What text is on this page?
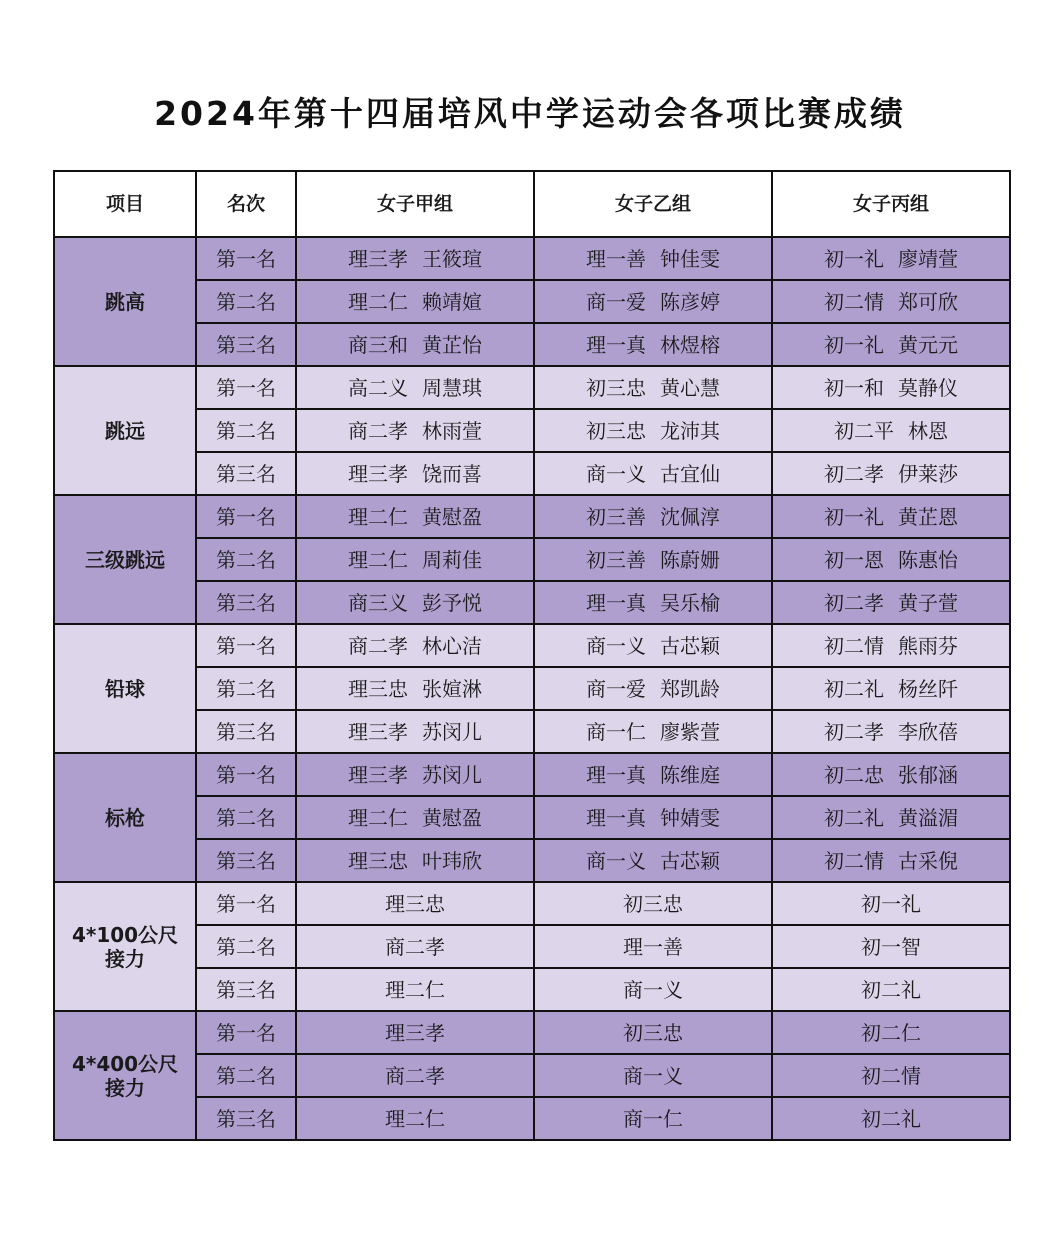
2024年第十四届培风中学运动会各项比赛成绩
项目	名次	女子甲组	女子乙组	女子丙组
跳高	第一名	理三孝 王筱瑄	理一善 钟佳雯	初一礼 廖靖萱
	第二名	理二仁 赖靖媗	商一爱 陈彦婷	初二情 郑可欣
	第三名	商三和 黄芷怡	理一真 林煜榕	初一礼 黄元元
跳远	第一名	高二义 周慧琪	初三忠 黄心慧	初一和 莫静仪
	第二名	商二孝 林雨萱	初三忠 龙沛其	初二平 林恩
	第三名	理三孝 饶而喜	商一义 古宜仙	初二孝 伊莱莎
三级跳远	第一名	理二仁 黄慰盈	初三善 沈佩淳	初一礼 黄芷恩
	第二名	理二仁 周莉佳	初三善 陈蔚姗	初一恩 陈惠怡
	第三名	商三义 彭予悦	理一真 吴乐榆	初二孝 黄子萱
铅球	第一名	商二孝 林心洁	商一义 古芯颖	初二情 熊雨芬
	第二名	理三忠 张媗淋	商一爱 郑凯龄	初二礼 杨丝阡
	第三名	理三孝 苏闵儿	商一仁 廖紫萱	初二孝 李欣蓓
标枪	第一名	理三孝 苏闵儿	理一真 陈维庭	初二忠 张郁涵
	第二名	理二仁 黄慰盈	理一真 钟婧雯	初二礼 黄溢湄
	第三名	理三忠 叶玮欣	商一义 古芯颖	初二情 古采倪

4*100公尺
接力	第一名	理三忠	初三忠	初一礼
	第二名	商二孝	理一善	初一智
	第三名	理二仁	商一义	初二礼

4*400公尺
接力	第一名	理三孝	初三忠	初二仁
	第二名	商二孝	商一义	初二情
	第三名	理二仁	商一仁	初二礼
